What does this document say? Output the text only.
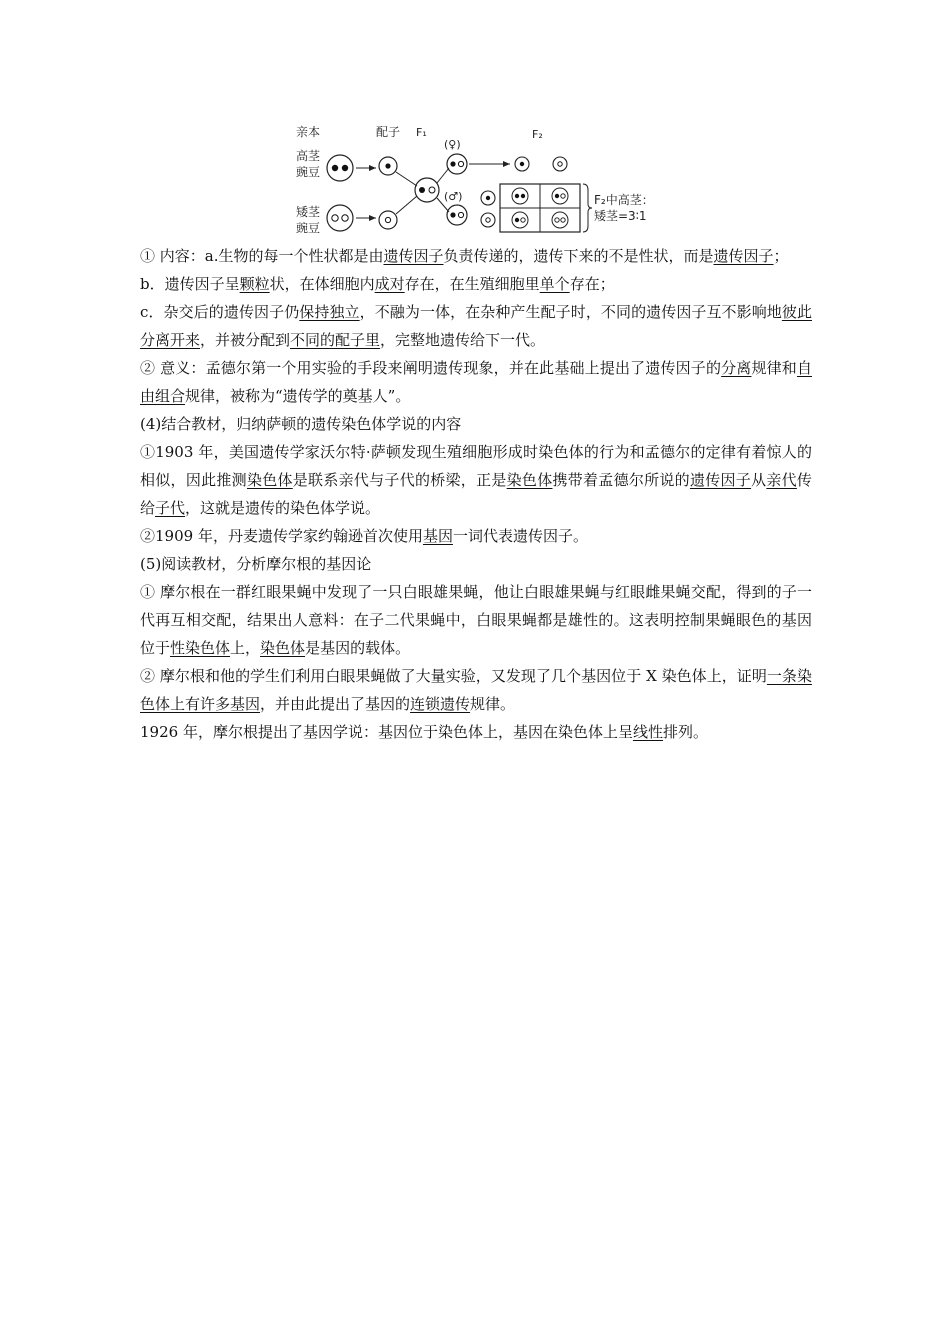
亲本	配子 F₁	F₂
高茎
豌豆
矮茎
豌豆
(♀)
(♂)	F₂中高茎：
矮茎=3∶1

① 内容：a.生物的每一个性状都是由遗传因子负责传递的，遗传下来的不是性状，而是遗传因子；

b．遗传因子呈颗粒状，在体细胞内成对存在，在生殖细胞里单个存在；

c．杂交后的遗传因子仍保持独立，不融为一体，在杂种产生配子时，不同的遗传因子互不影响地彼此分离开来，并被分配到不同的配子里，完整地遗传给下一代。

② 意义：孟德尔第一个用实验的手段来阐明遗传现象，并在此基础上提出了遗传因子的分离规律和自由组合规律，被称为“遗传学的奠基人”。

(4)结合教材，归纳萨顿的遗传染色体学说的内容

①1903 年，美国遗传学家沃尔特·萨顿发现生殖细胞形成时染色体的行为和孟德尔的定律有着惊人的相似，因此推测染色体是联系亲代与子代的桥梁，正是染色体携带着孟德尔所说的遗传因子从亲代传给子代，这就是遗传的染色体学说。

②1909 年，丹麦遗传学家约翰逊首次使用基因一词代表遗传因子。

(5)阅读教材，分析摩尔根的基因论

① 摩尔根在一群红眼果蝇中发现了一只白眼雄果蝇，他让白眼雄果蝇与红眼雌果蝇交配，得到的子一代再互相交配，结果出人意料：在子二代果蝇中，白眼果蝇都是雄性的。这表明控制果蝇眼色的基因位于性染色体上，染色体是基因的载体。

② 摩尔根和他的学生们利用白眼果蝇做了大量实验，又发现了几个基因位于 X 染色体上，证明一条染色体上有许多基因，并由此提出了基因的连锁遗传规律。

1926 年，摩尔根提出了基因学说：基因位于染色体上，基因在染色体上呈线性排列。
